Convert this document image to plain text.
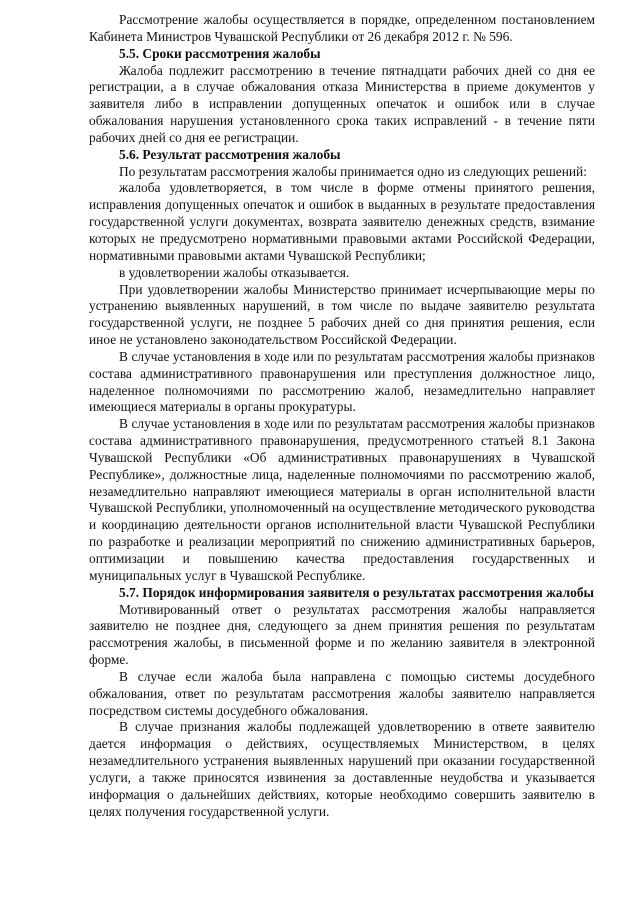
Рассмотрение жалобы осуществляется в порядке, определенном постановлением Кабинета Министров Чувашской Республики от 26 декабря 2012 г. № 596.

5.5. Сроки рассмотрения жалобы

Жалоба подлежит рассмотрению в течение пятнадцати рабочих дней со дня ее регистрации, а в случае обжалования отказа Министерства в приеме документов у заявителя либо в исправлении допущенных опечаток и ошибок или в случае обжалования нарушения установленного срока таких исправлений - в течение пяти рабочих дней со дня ее регистрации.

5.6. Результат рассмотрения жалобы

По результатам рассмотрения жалобы принимается одно из следующих решений:

жалоба удовлетворяется, в том числе в форме отмены принятого решения, исправления допущенных опечаток и ошибок в выданных в результате предоставления государственной услуги документах, возврата заявителю денежных средств, взимание которых не предусмотрено нормативными правовыми актами Российской Федерации, нормативными правовыми актами Чувашской Республики;

в удовлетворении жалобы отказывается.

При удовлетворении жалобы Министерство принимает исчерпывающие меры по устранению выявленных нарушений, в том числе по выдаче заявителю результата государственной услуги, не позднее 5 рабочих дней со дня принятия решения, если иное не установлено законодательством Российской Федерации.

В случае установления в ходе или по результатам рассмотрения жалобы признаков состава административного правонарушения или преступления должностное лицо, наделенное полномочиями по рассмотрению жалоб, незамедлительно направляет имеющиеся материалы в органы прокуратуры.

В случае установления в ходе или по результатам рассмотрения жалобы признаков состава административного правонарушения, предусмотренного статьей 8.1 Закона Чувашской Республики «Об административных правонарушениях в Чувашской Республике», должностные лица, наделенные полномочиями по рассмотрению жалоб, незамедлительно направляют имеющиеся материалы в орган исполнительной власти Чувашской Республики, уполномоченный на осуществление методического руководства и координацию деятельности органов исполнительной власти Чувашской Республики по разработке и реализации мероприятий по снижению административных барьеров, оптимизации и повышению качества предоставления государственных и муниципальных услуг в Чувашской Республике.

5.7. Порядок информирования заявителя о результатах рассмотрения жалобы

Мотивированный ответ о результатах рассмотрения жалобы направляется заявителю не позднее дня, следующего за днем принятия решения по результатам рассмотрения жалобы, в письменной форме и по желанию заявителя в электронной форме.

В случае если жалоба была направлена с помощью системы досудебного обжалования, ответ по результатам рассмотрения жалобы заявителю направляется посредством системы досудебного обжалования.

В случае признания жалобы подлежащей удовлетворению в ответе заявителю дается информация о действиях, осуществляемых Министерством, в целях незамедлительного устранения выявленных нарушений при оказании государственной услуги, а также приносятся извинения за доставленные неудобства и указывается информация о дальнейших действиях, которые необходимо совершить заявителю в целях получения государственной услуги.
